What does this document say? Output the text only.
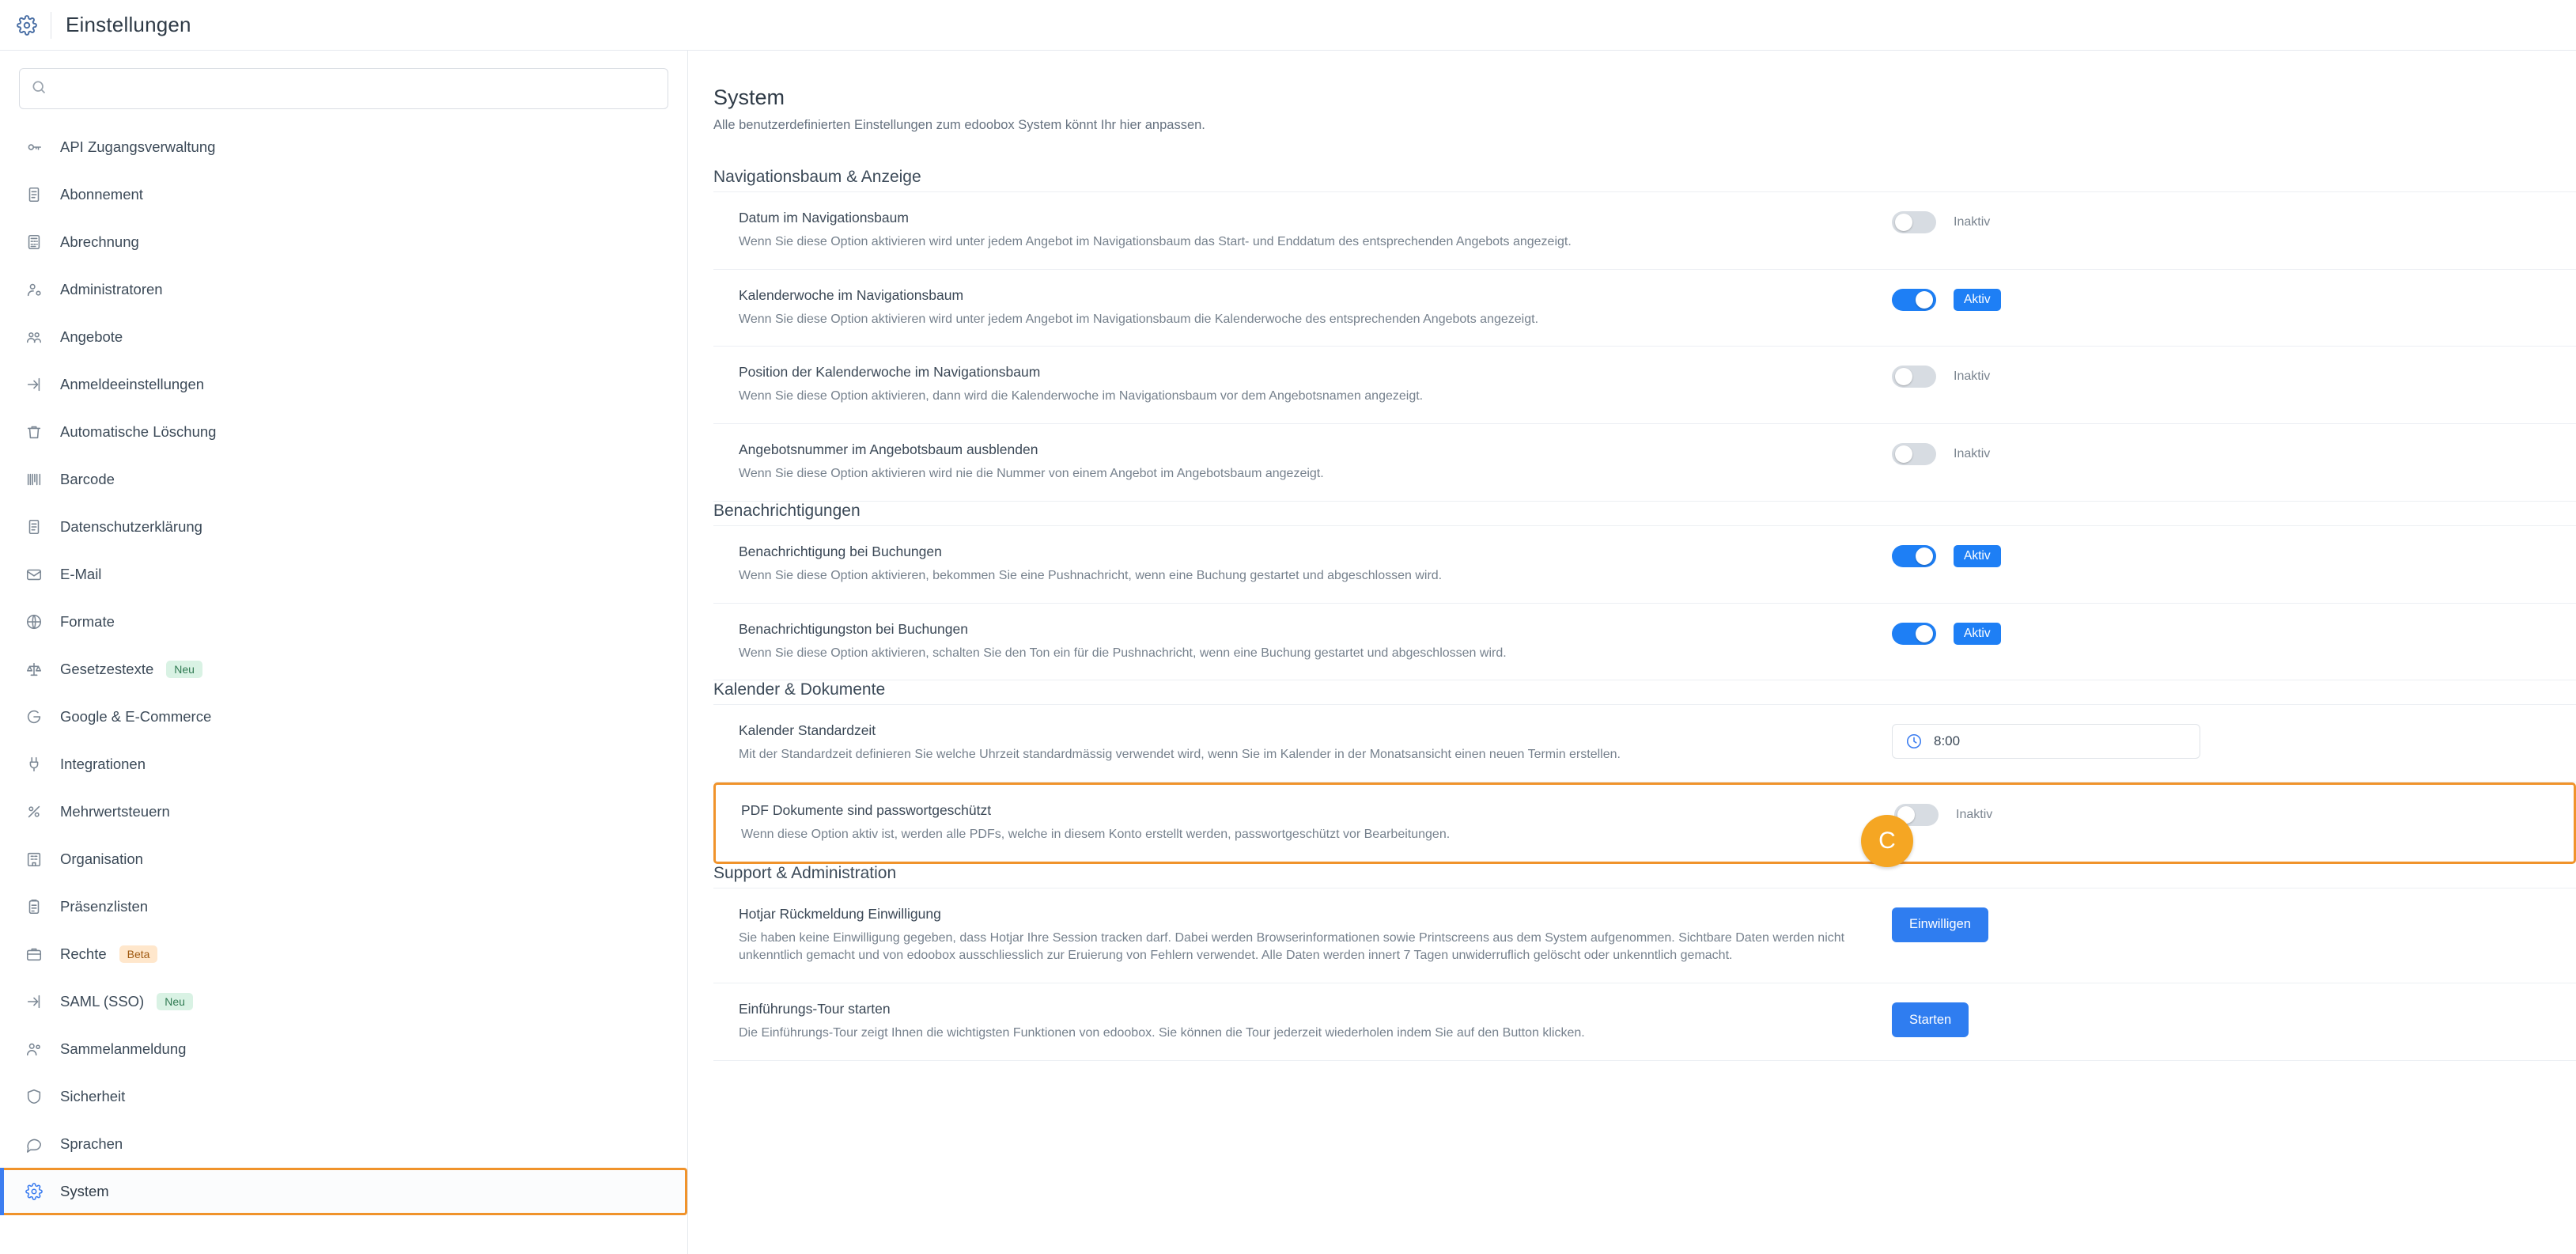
Einstellungen
API Zugangsverwaltung
Abonnement
Abrechnung
Administratoren
Angebote
Anmeldeeinstellungen
Automatische Löschung
Barcode
Datenschutzerklärung
E-Mail
Formate
Gesetzestexte	Neu
Google & E-Commerce
Integrationen
Mehrwertsteuern
Organisation
Präsenzlisten
Rechte	Beta
SAML (SSO)	Neu
Sammelanmeldung
Sicherheit
Sprachen
System
System

Alle benutzerdefinierten Einstellungen zum edoobox System könnt Ihr hier anpassen.

Navigationsbaum & Anzeige
Datum im Navigationsbaum
Wenn Sie diese Option aktivieren wird unter jedem Angebot im Navigationsbaum das Start- und Enddatum des entsprechenden Angebots angezeigt.
Inaktiv
Kalenderwoche im Navigationsbaum
Wenn Sie diese Option aktivieren wird unter jedem Angebot im Navigationsbaum die Kalenderwoche des entsprechenden Angebots angezeigt.
Aktiv
Position der Kalenderwoche im Navigationsbaum
Wenn Sie diese Option aktivieren, dann wird die Kalenderwoche im Navigationsbaum vor dem Angebotsnamen angezeigt.
Inaktiv
Angebotsnummer im Angebotsbaum ausblenden
Wenn Sie diese Option aktivieren wird nie die Nummer von einem Angebot im Angebotsbaum angezeigt.
Inaktiv
Benachrichtigungen
Benachrichtigung bei Buchungen
Wenn Sie diese Option aktivieren, bekommen Sie eine Pushnachricht, wenn eine Buchung gestartet und abgeschlossen wird.
Aktiv
Benachrichtigungston bei Buchungen
Wenn Sie diese Option aktivieren, schalten Sie den Ton ein für die Pushnachricht, wenn eine Buchung gestartet und abgeschlossen wird.
Aktiv
Kalender & Dokumente
Kalender Standardzeit
Mit der Standardzeit definieren Sie welche Uhrzeit standardmässig verwendet wird, wenn Sie im Kalender in der Monatsansicht einen neuen Termin erstellen.
8:00
PDF Dokumente sind passwortgeschützt
Wenn diese Option aktiv ist, werden alle PDFs, welche in diesem Konto erstellt werden, passwortgeschützt vor Bearbeitungen.
Inaktiv
C
Support & Administration
Hotjar Rückmeldung Einwilligung
Sie haben keine Einwilligung gegeben, dass Hotjar Ihre Session tracken darf. Dabei werden Browserinformationen sowie Printscreens aus dem System aufgenommen. Sichtbare Daten werden nicht unkenntlich gemacht und von edoobox ausschliesslich zur Eruierung von Fehlern verwendet. Alle Daten werden innert 7 Tagen unwiderruflich gelöscht oder unkenntlich gemacht.
Einwilligen
Einführungs-Tour starten
Die Einführungs-Tour zeigt Ihnen die wichtigsten Funktionen von edoobox. Sie können die Tour jederzeit wiederholen indem Sie auf den Button klicken.
Starten
